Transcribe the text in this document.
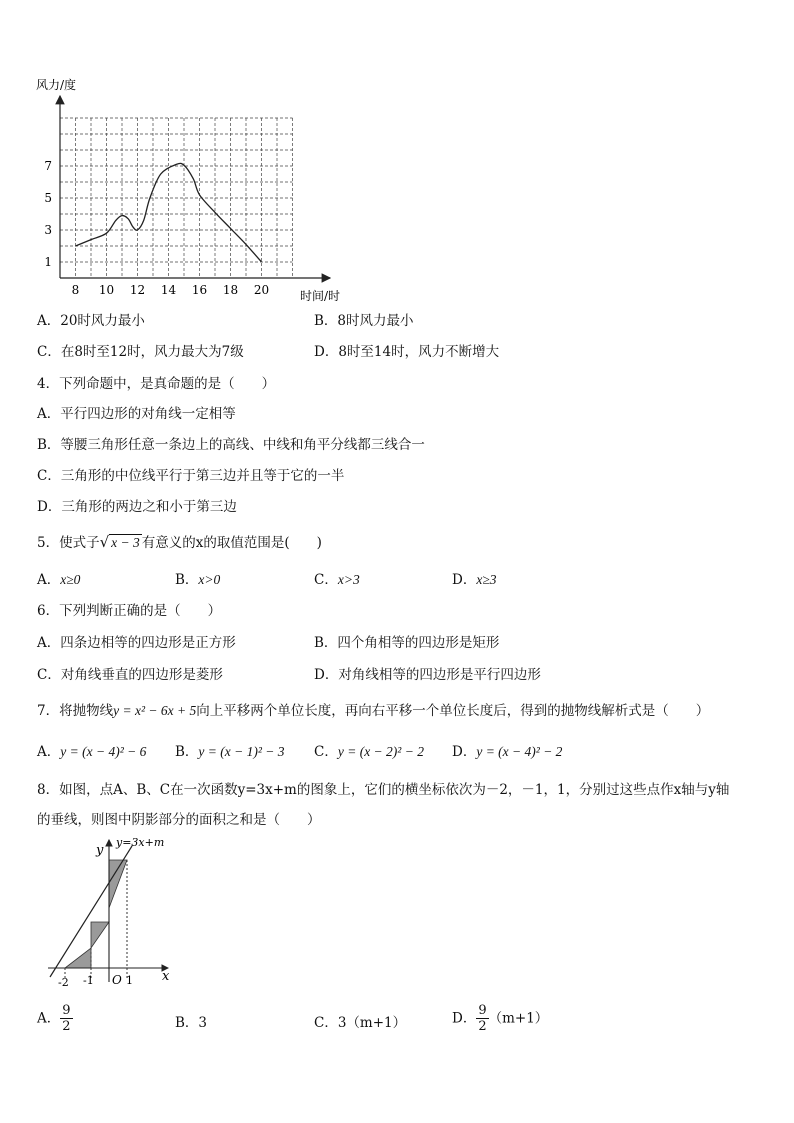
8 10 12 14 16 18 20
1
3
5
7
风力/度
时间/时
A．20时风力最小	B．8时风力最小
C．在8时至12时，风力最大为7级	D．8时至14时，风力不断增大
4．下列命题中，是真命题的是（　　）
A．平行四边形的对角线一定相等
B．等腰三角形任意一条边上的高线、中线和角平分线都三线合一
C．三角形的中位线平行于第三边并且等于它的一半
D．三角形的两边之和小于第三边
5．使式子√ x − 3 有意义的x的取值范围是(　　)
A．x≥0	B．x>0	C．x>3	D．x≥3
6．下列判断正确的是（　　）
A．四条边相等的四边形是正方形	B．四个角相等的四边形是矩形
C．对角线垂直的四边形是菱形	D．对角线相等的四边形是平行四边形
7．将抛物线y = x² − 6x + 5向上平移两个单位长度，再向右平移一个单位长度后，得到的抛物线解析式是（　　）
A．y = (x − 4)² − 6 B．y = (x − 1)² − 3 C．y = (x − 2)² − 2 D．y = (x − 4)² − 2
8．如图，点A、B、C在一次函数y=3x+m的图象上，它们的横坐标依次为－2，－1，1，分别过这些点作x轴与y轴
的垂线，则图中阴影部分的面积之和是（　　）
y=3x+m
y
x
O
-2 -1	1
A． $\frac{9}{2}$	B．3	C．3（m+1）	D． $\frac{9}{2} (m+1)$
